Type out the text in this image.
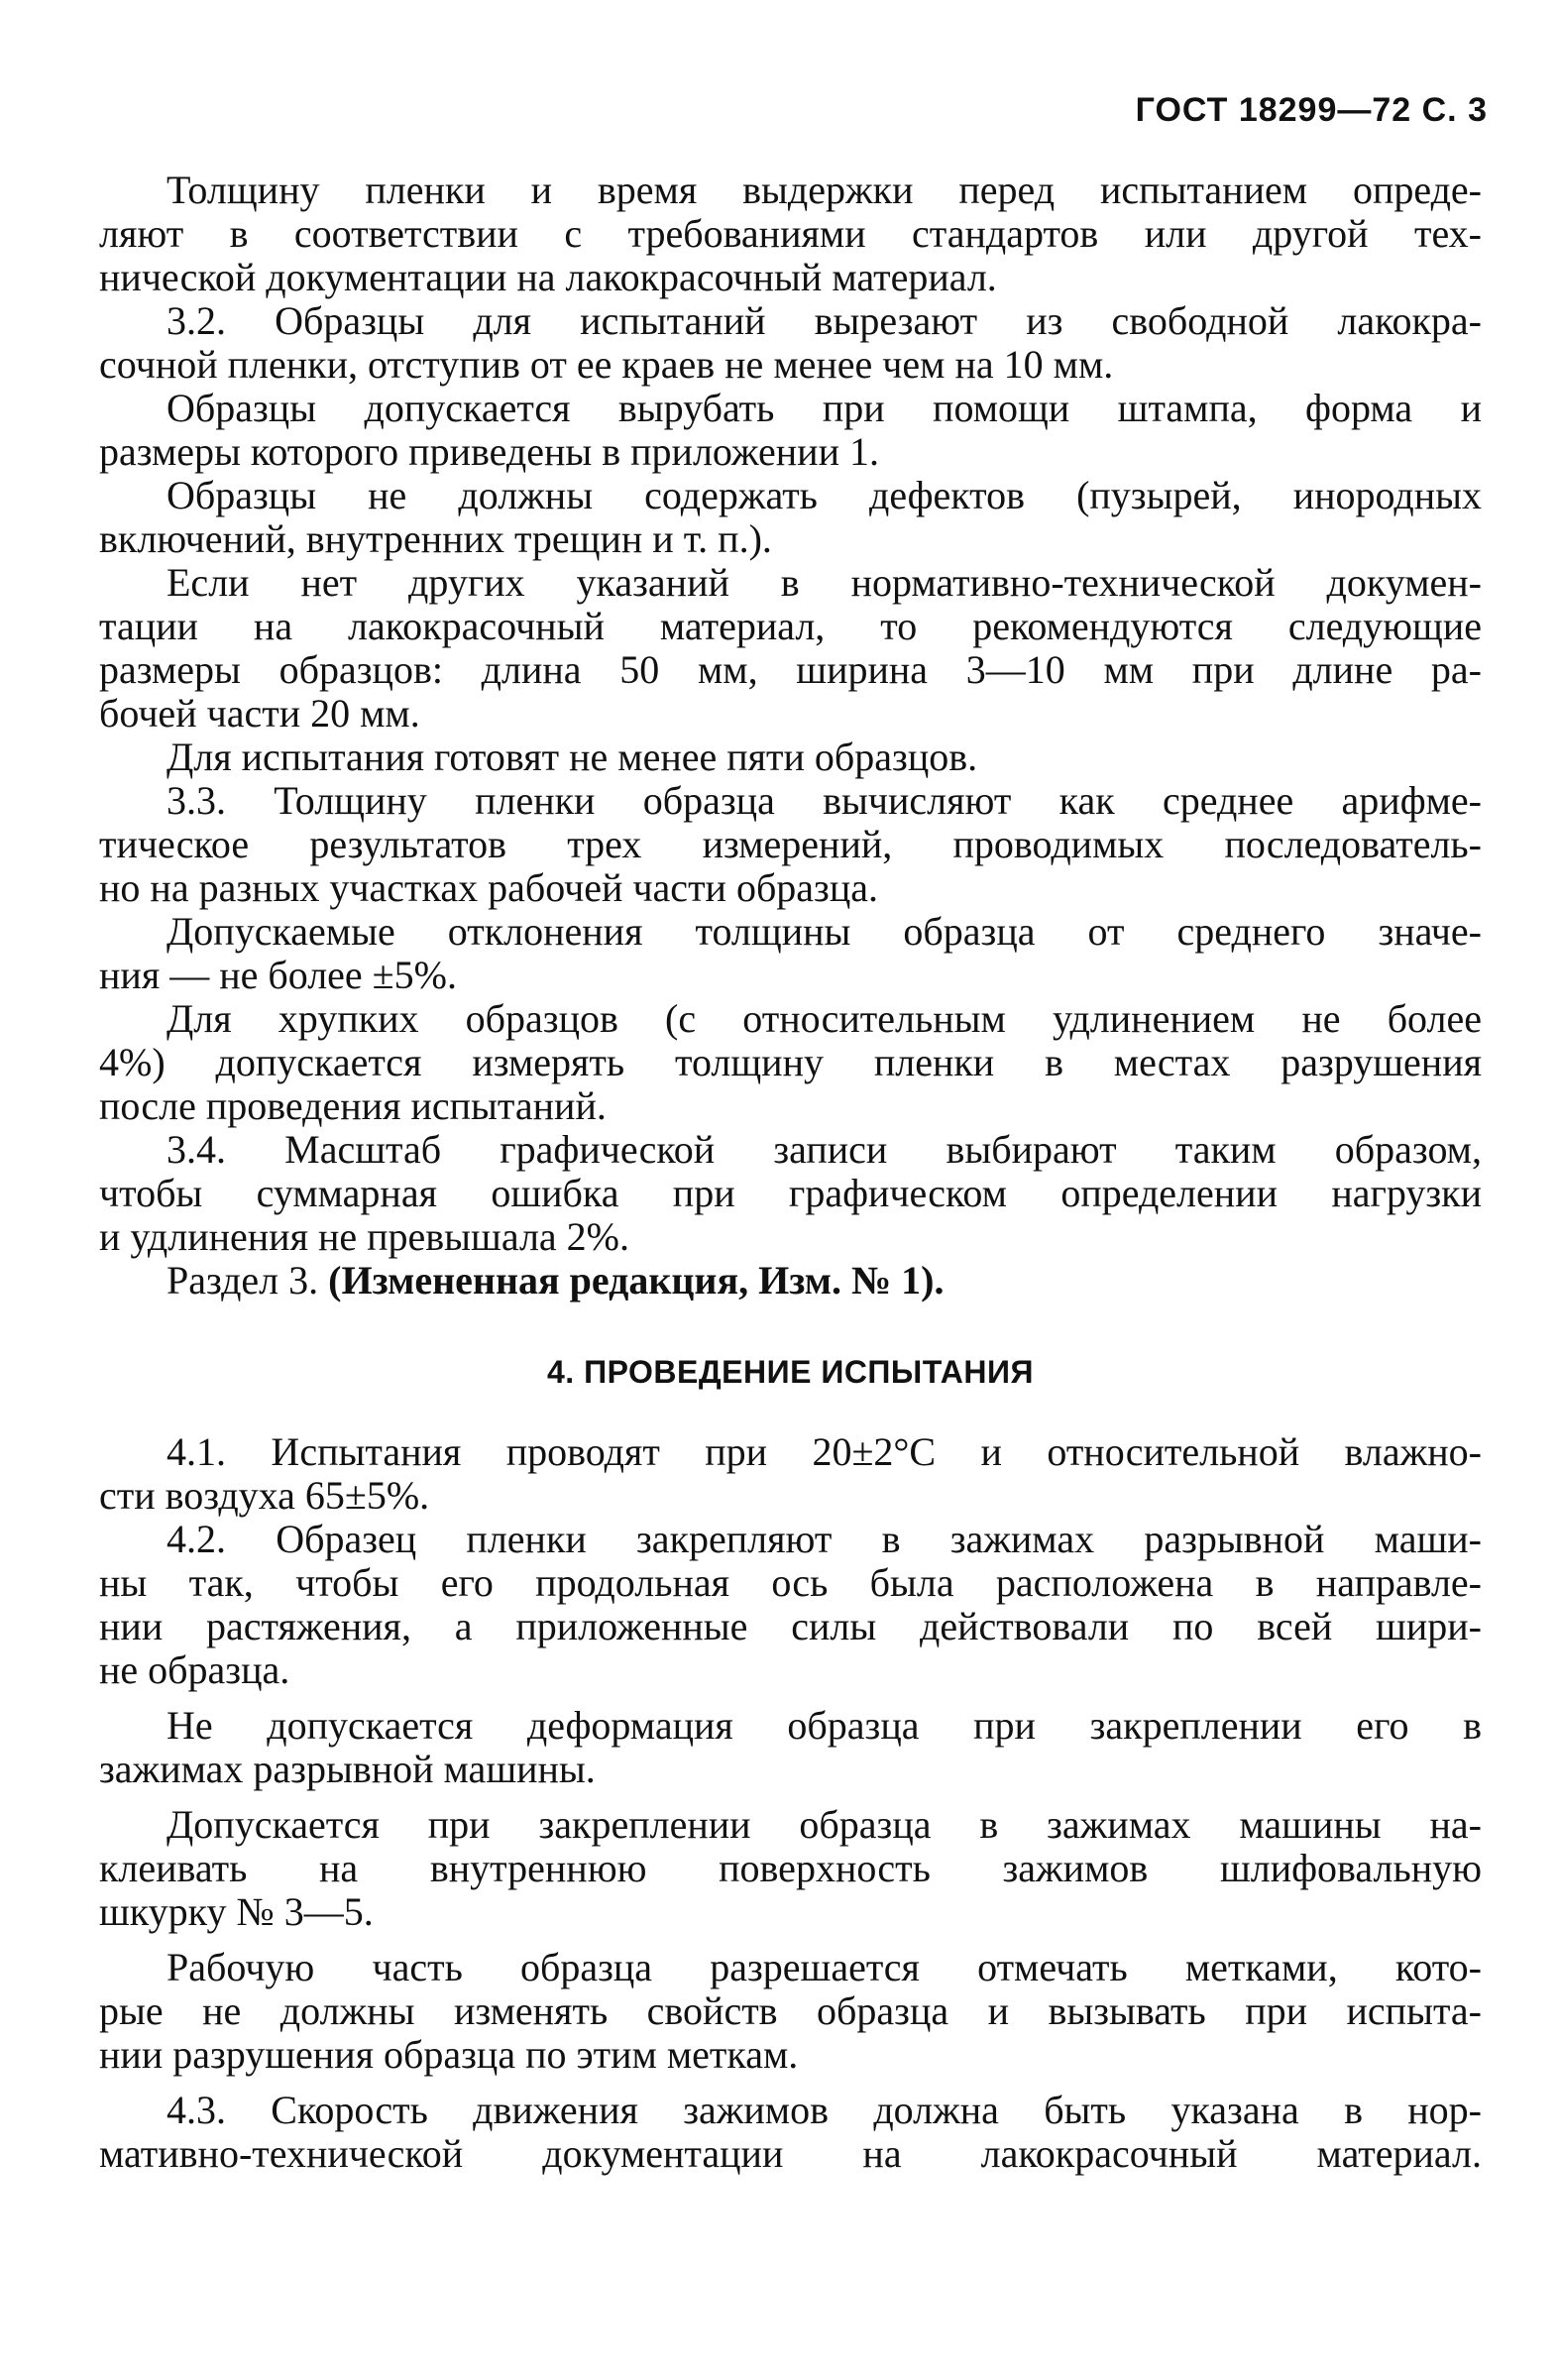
ГОСТ 18299—72 С. 3
Толщину пленки и время выдержки перед испытанием опреде-
ляют в соответствии с требованиями стандартов или другой тех-
нической документации на лакокрасочный материал.
3.2. Образцы для испытаний вырезают из свободной лакокра-
сочной пленки, отступив от ее краев не менее чем на 10 мм.
Образцы допускается вырубать при помощи штампа, форма и
размеры которого приведены в приложении 1.
Образцы не должны содержать дефектов (пузырей, инородных
включений, внутренних трещин и т. п.).
Если нет других указаний в нормативно-технической докумен-
тации на лакокрасочный материал, то рекомендуются следующие
размеры образцов: длина 50 мм, ширина 3—10 мм при длине ра-
бочей части 20 мм.
Для испытания готовят не менее пяти образцов.
3.3. Толщину пленки образца вычисляют как среднее арифме-
тическое результатов трех измерений, проводимых последователь-
но на разных участках рабочей части образца.
Допускаемые отклонения толщины образца от среднего значе-
ния — не более ±5%.
Для хрупких образцов (с относительным удлинением не более
4%) допускается измерять толщину пленки в местах разрушения
после проведения испытаний.
3.4. Масштаб графической записи выбирают таким образом,
чтобы суммарная ошибка при графическом определении нагрузки
и удлинения не превышала 2%.
Раздел 3. (Измененная редакция, Изм. № 1).
4. ПРОВЕДЕНИЕ ИСПЫТАНИЯ
4.1. Испытания проводят при 20±2°С и относительной влажно-
сти воздуха 65±5%.
4.2. Образец пленки закрепляют в зажимах разрывной маши-
ны так, чтобы его продольная ось была расположена в направле-
нии растяжения, а приложенные силы действовали по всей шири-
не образца.
Не допускается деформация образца при закреплении его в
зажимах разрывной машины.
Допускается при закреплении образца в зажимах машины на-
клеивать на внутреннюю поверхность зажимов шлифовальную
шкурку № 3—5.
Рабочую часть образца разрешается отмечать метками, кото-
рые не должны изменять свойств образца и вызывать при испыта-
нии разрушения образца по этим меткам.
4.3. Скорость движения зажимов должна быть указана в нор-
мативно-технической документации на лакокрасочный материал.
